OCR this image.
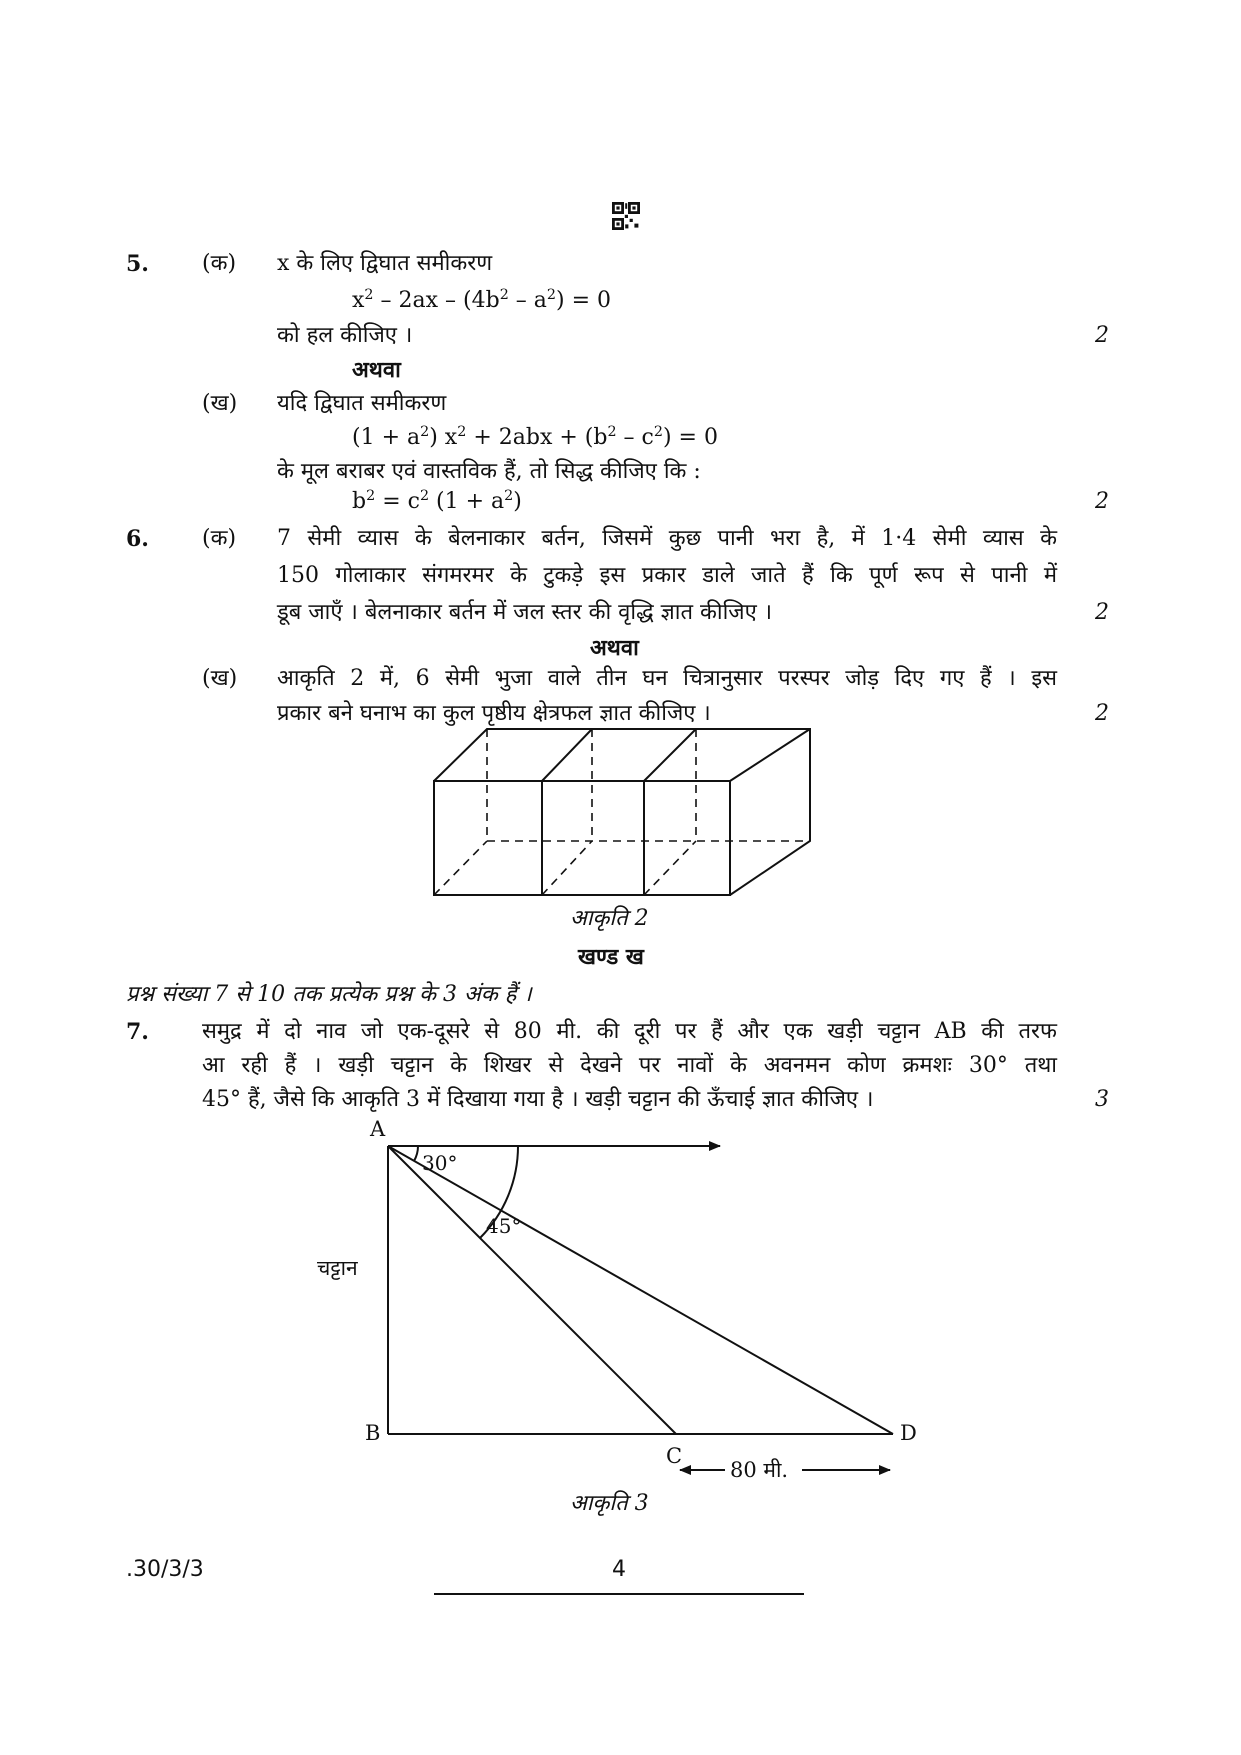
5. (क) x के लिए द्विघात समीकरण
$x^2 - 2ax - (4b^2 - a^2) = 0$
को हल कीजिए ।	2
अथवा
(ख) यदि द्विघात समीकरण
$(1 + a^2)$ $x^2 + 2abx + (b^2 - c^2) = 0$
के मूल बराबर एवं वास्तविक हैं, तो सिद्ध कीजिए कि :
$b^2 = c^2$ $(1 + a^2)$	2
6. (क) 7 सेमी व्यास के बेलनाकार बर्तन, जिसमें कुछ पानी भरा है, में 1·4 सेमी व्यास के
150 गोलाकार संगमरमर के टुकड़े इस प्रकार डाले जाते हैं कि पूर्ण रूप से पानी में
डूब जाएँ । बेलनाकार बर्तन में जल स्तर की वृद्धि ज्ञात कीजिए ।	2
अथवा
(ख) आकृति 2 में, 6 सेमी भुजा वाले तीन घन चित्रानुसार परस्पर जोड़ दिए गए हैं । इस
प्रकार बने घनाभ का कुल पृष्ठीय क्षेत्रफल ज्ञात कीजिए ।	2
आकृति 2
खण्ड ख
प्रश्न संख्या 7 से 10 तक प्रत्येक प्रश्न के 3 अंक हैं ।
7. समुद्र में दो नाव जो एक-दूसरे से 80 मी. की दूरी पर हैं और एक खड़ी चट्टान AB की तरफ
आ रही हैं । खड़ी चट्टान के शिखर से देखने पर नावों के अवनमन कोण क्रमशः 30° तथा
45° हैं, जैसे कि आकृति 3 में दिखाया गया है । खड़ी चट्टान की ऊँचाई ज्ञात कीजिए ।	3
A
B
C
D
30°
45°
चट्टान
80 मी.
आकृति 3
.30/3/3	4
